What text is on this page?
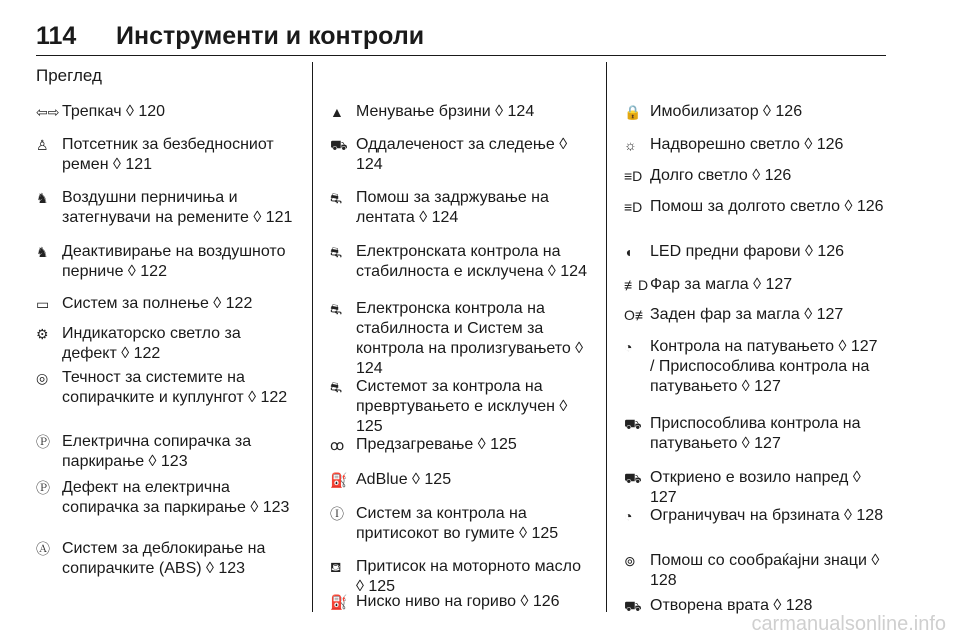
114 Инструменти и контроли
Преглед
⇦⇨ Трепкач ◊ 120
♙ Потсетник за безбедносниот ремен ◊ 121
♞ Воздушни перничиња и затегнувачи на ремените ◊ 121
♞ Деактивирање на воздушното перниче ◊ 122
▭ Систем за полнење ◊ 122
⚙ Индикаторско светло за дефект ◊ 122
◎ Течност за системите на сопирачките и куплунгот ◊ 122
Ⓟ Електрична сопирачка за паркирање ◊ 123
Ⓟ Дефект на електрична сопирачка за паркирање ◊ 123
Ⓐ Систем за деблокирање на сопирачките (ABS) ◊ 123
▲ Менување брзини ◊ 124
⛟ Оддалеченост за следење ◊ 124
⛐ Помош за задржување на лентата ◊ 124
⛐ Електронската контрола на стабилноста е исклучена ◊ 124
⛐ Електронска контрола на стабилноста и Систем за контрола на пролизгувањето ◊ 124
⛐ Системот за контрола на превртувањето е исклучен ◊ 125
ꝏ Предзагревање ◊ 125
⛽ AdBlue ◊ 125
Ⓘ Систем за контрола на притисокот во гумите ◊ 125
⛾ Притисок на моторното масло ◊ 125
⛽ Ниско ниво на гориво ◊ 126
🔒 Имобилизатор ◊ 126
☼ Надворешно светло ◊ 126
≡D Долго светло ◊ 126
≡D Помош за долгото светло ◊ 126
◖	LED предни фарови ◊ 126
≢D Фар за магла ◊ 127
O≢ Заден фар за магла ◊ 127
◔	Контрола на патувањето ◊ 127 / Приспособлива контрола на патувањето ◊ 127
⛟ Приспособлива контрола на патувањето ◊ 127
⛟ Откриено е возило напред ◊ 127
◔	Ограничувач на брзината ◊ 128
⊚ Помош со сообраќајни знаци ◊ 128
⛟ Отворена врата ◊ 128
carmanualsonline.info
